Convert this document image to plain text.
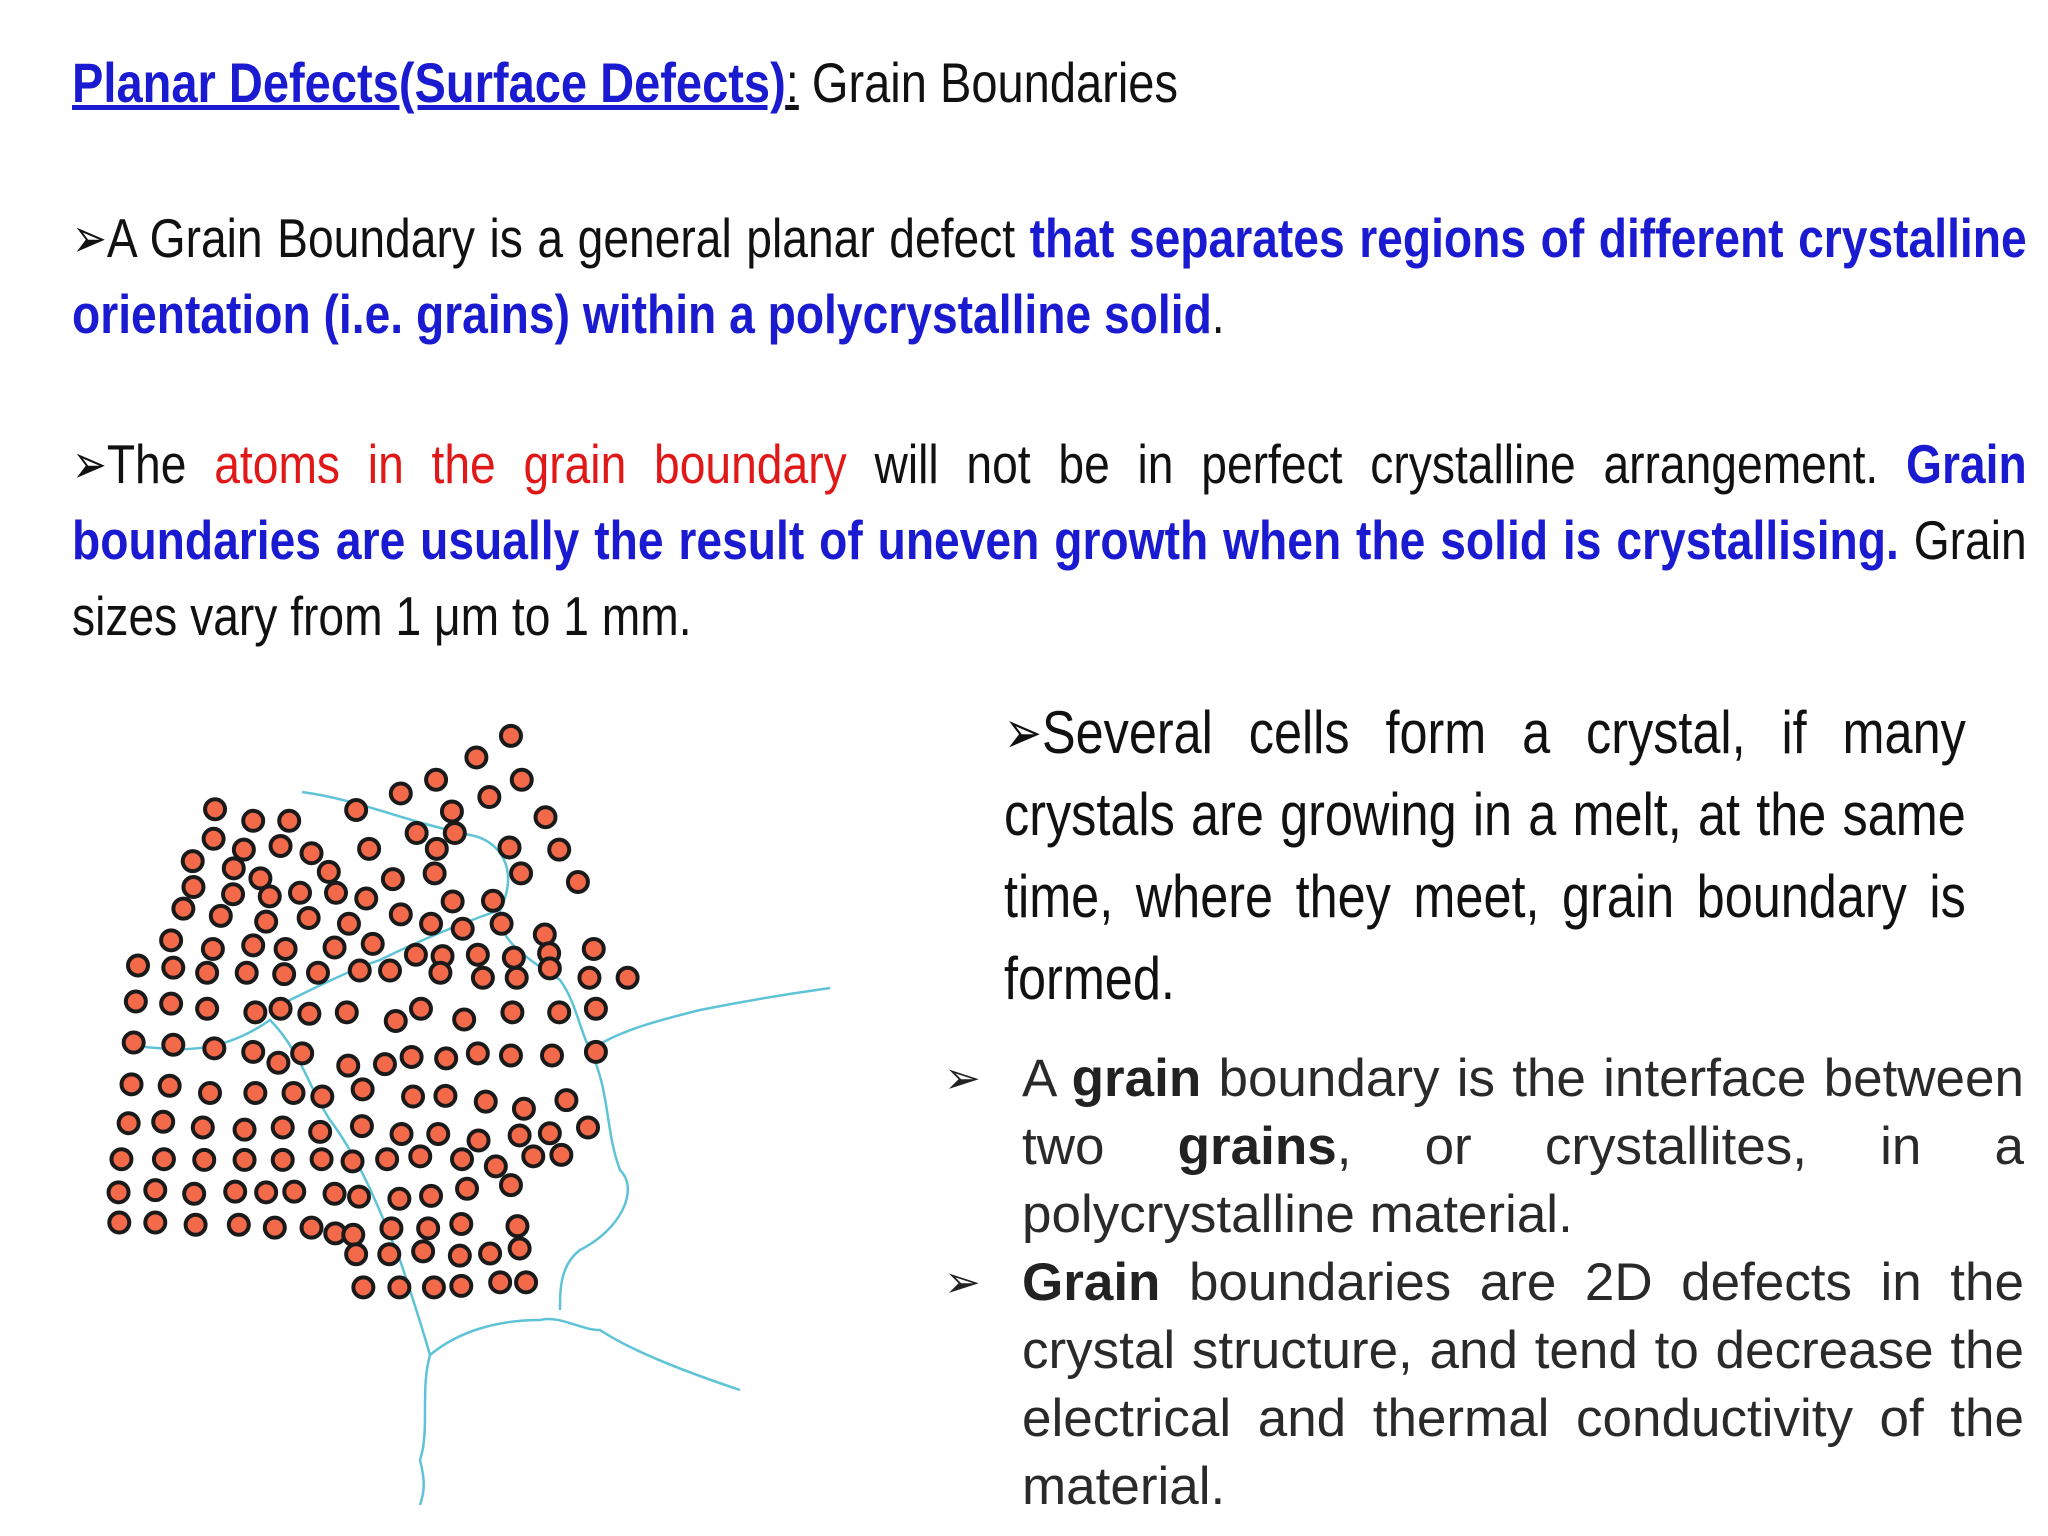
Planar Defects(Surface Defects): Grain Boundaries
➢A Grain Boundary is a general planar defect that separates regions of different crystalline orientation (i.e. grains) within a polycrystalline solid.
➢The atoms in the grain boundary will not be in perfect crystalline arrangement. Grain boundaries are usually the result of uneven growth when the solid is crystallising. Grain sizes vary from 1 μm to 1 mm.
➢Several cells form a crystal, if many crystals are growing in a melt, at the same time, where they meet, grain boundary is formed.
➢ A grain boundary is the interface between two grains, or crystallites, in a polycrystalline material.
➢ Grain boundaries are 2D defects in the crystal structure, and tend to decrease the electrical and thermal conductivity of the material.
